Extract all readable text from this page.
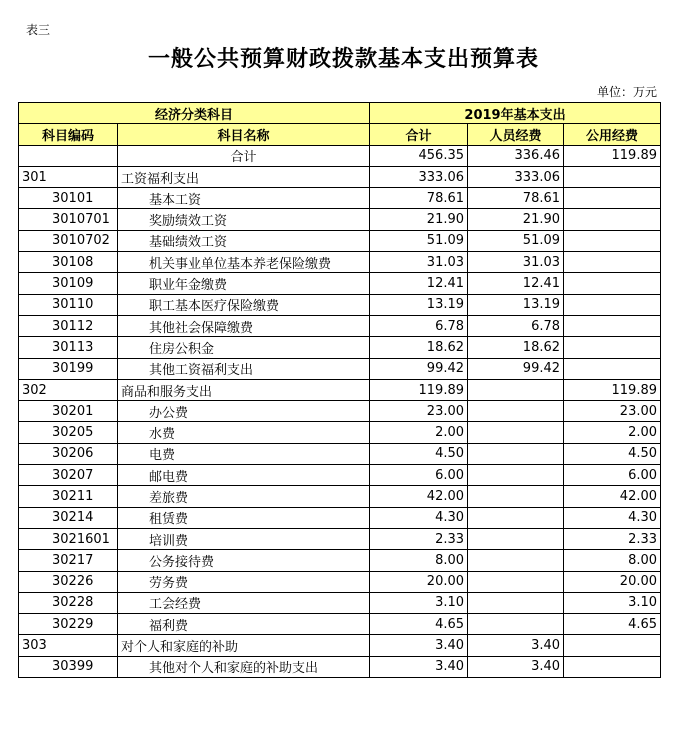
表三
一般公共预算财政拨款基本支出预算表
单位：万元
经济分类科目		2019年基本支出		
科目编码	科目名称	合计	人员经费	公用经费
	合计	456.35	336.46	119.89
301	工资福利支出	333.06	333.06	
30101	基本工资	78.61	78.61	
3010701	奖励绩效工资	21.90	21.90	
3010702	基础绩效工资	51.09	51.09	
30108	机关事业单位基本养老保险缴费	31.03	31.03	
30109	职业年金缴费	12.41	12.41	
30110	职工基本医疗保险缴费	13.19	13.19	
30112	其他社会保障缴费	6.78	6.78	
30113	住房公积金	18.62	18.62	
30199	其他工资福利支出	99.42	99.42	
302	商品和服务支出	119.89		119.89
30201	办公费	23.00		23.00
30205	水费	2.00		2.00
30206	电费	4.50		4.50
30207	邮电费	6.00		6.00
30211	差旅费	42.00		42.00
30214	租赁费	4.30		4.30
3021601	培训费	2.33		2.33
30217	公务接待费	8.00		8.00
30226	劳务费	20.00		20.00
30228	工会经费	3.10		3.10
30229	福利费	4.65		4.65
303	对个人和家庭的补助	3.40	3.40	
30399	其他对个人和家庭的补助支出	3.40	3.40	
